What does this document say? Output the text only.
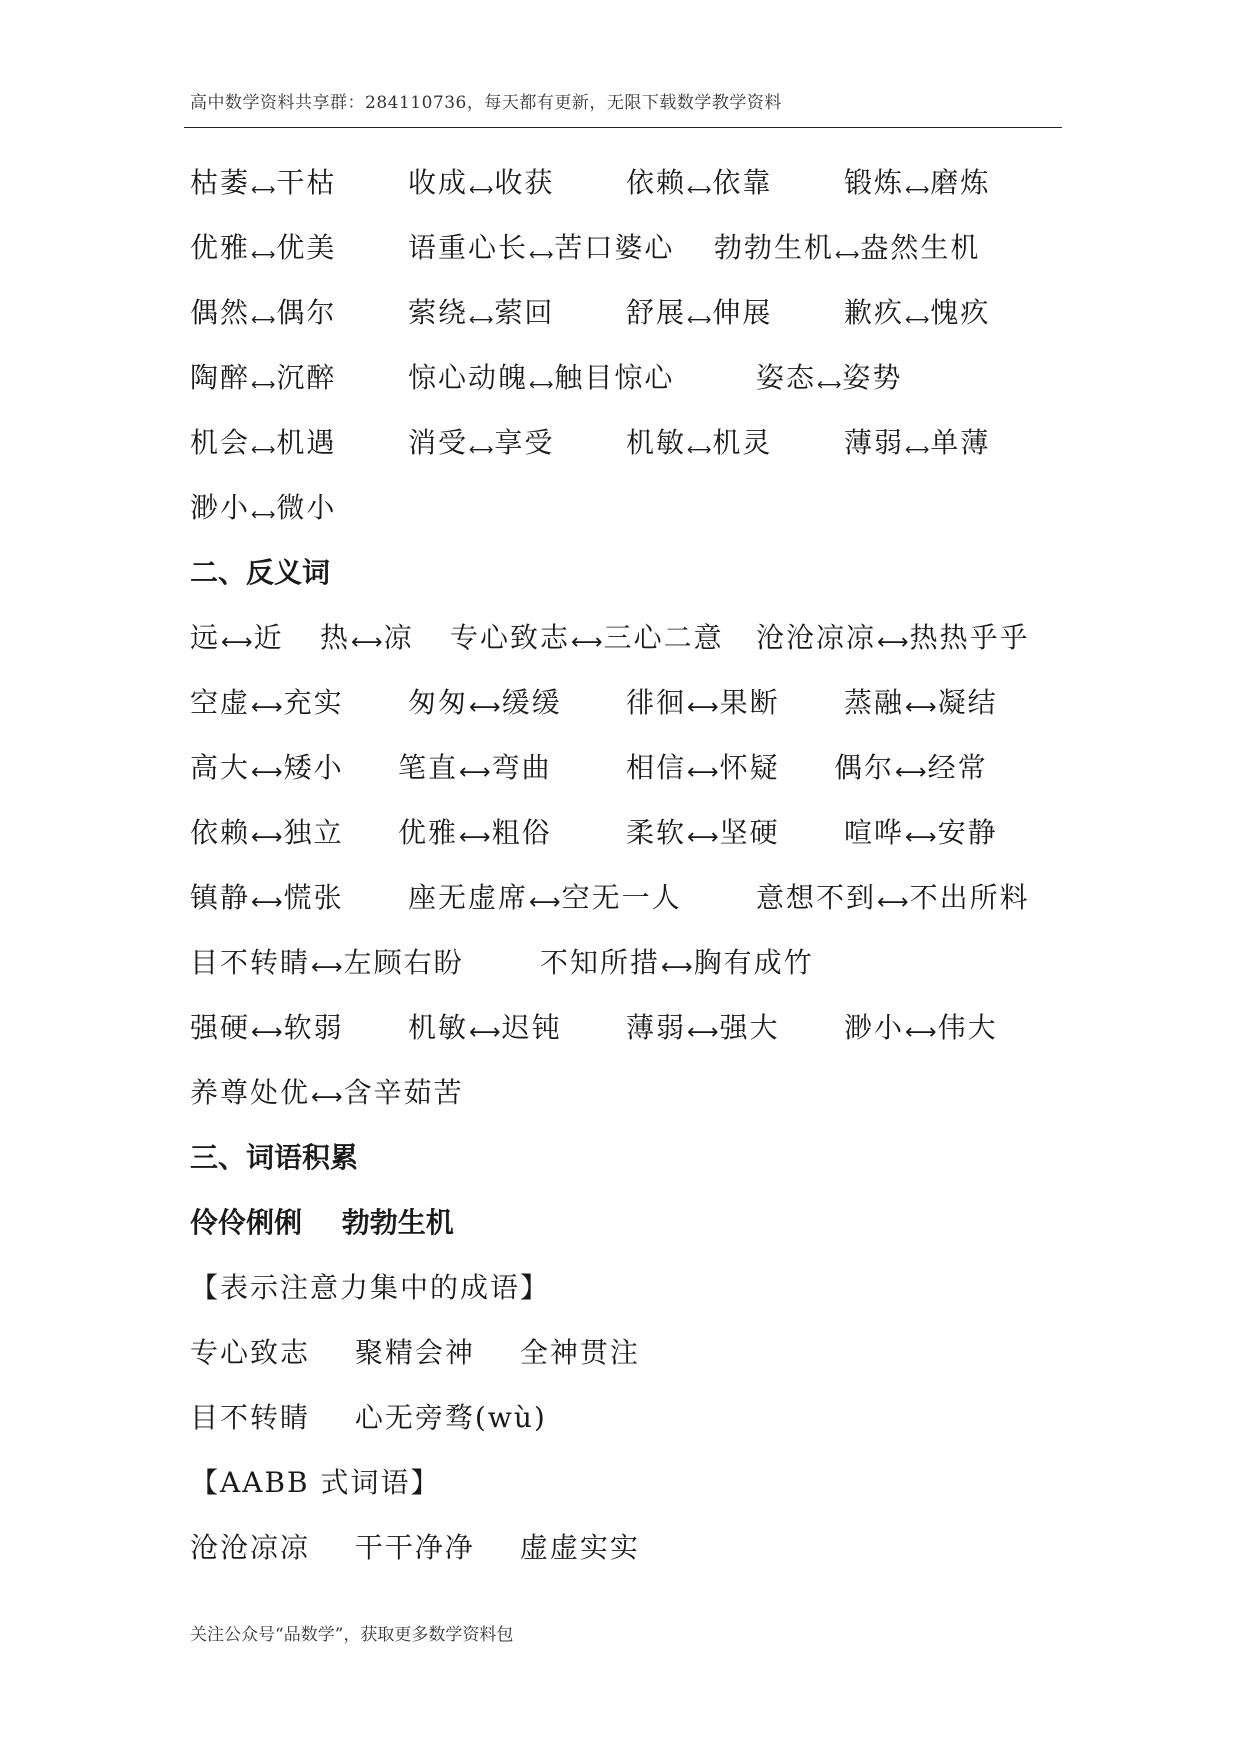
高中数学资料共享群：284110736，每天都有更新，无限下载数学教学资料
枯萎⟷干枯	收成⟷收获	依赖⟷依靠	锻炼⟷磨炼
优雅⟷优美	语重心长⟷苦口婆心 勃勃生机⟷盎然生机
偶然⟷偶尔	萦绕⟷萦回	舒展⟷伸展	歉疚⟷愧疚
陶醉⟷沉醉	惊心动魄⟷触目惊心	姿态⟷姿势
机会⟷机遇	消受⟷享受	机敏⟷机灵	薄弱⟷单薄
渺小⟷微小
二、反义词
远⟷近 热⟷凉 专心致志⟷三心二意 沧沧凉凉⟷热热乎乎
空虚⟷充实 匆匆⟷缓缓 徘徊⟷果断 蒸融⟷凝结
高大⟷矮小 笔直⟷弯曲	相信⟷怀疑 偶尔⟷经常
依赖⟷独立 优雅⟷粗俗	柔软⟷坚硬 喧哗⟷安静
镇静⟷慌张 座无虚席⟷空无一人	意想不到⟷不出所料
目不转睛⟷左顾右盼	不知所措⟷胸有成竹
强硬⟷软弱 机敏⟷迟钝 薄弱⟷强大 渺小⟷伟大
养尊处优⟷含辛茹苦
三、词语积累
伶伶俐俐 勃勃生机
【表示注意力集中的成语】
专心致志 聚精会神 全神贯注
目不转睛 心无旁骛(wù)
【AABB 式词语】
沧沧凉凉 干干净净 虚虚实实
关注公众号“品数学”，获取更多数学资料包
